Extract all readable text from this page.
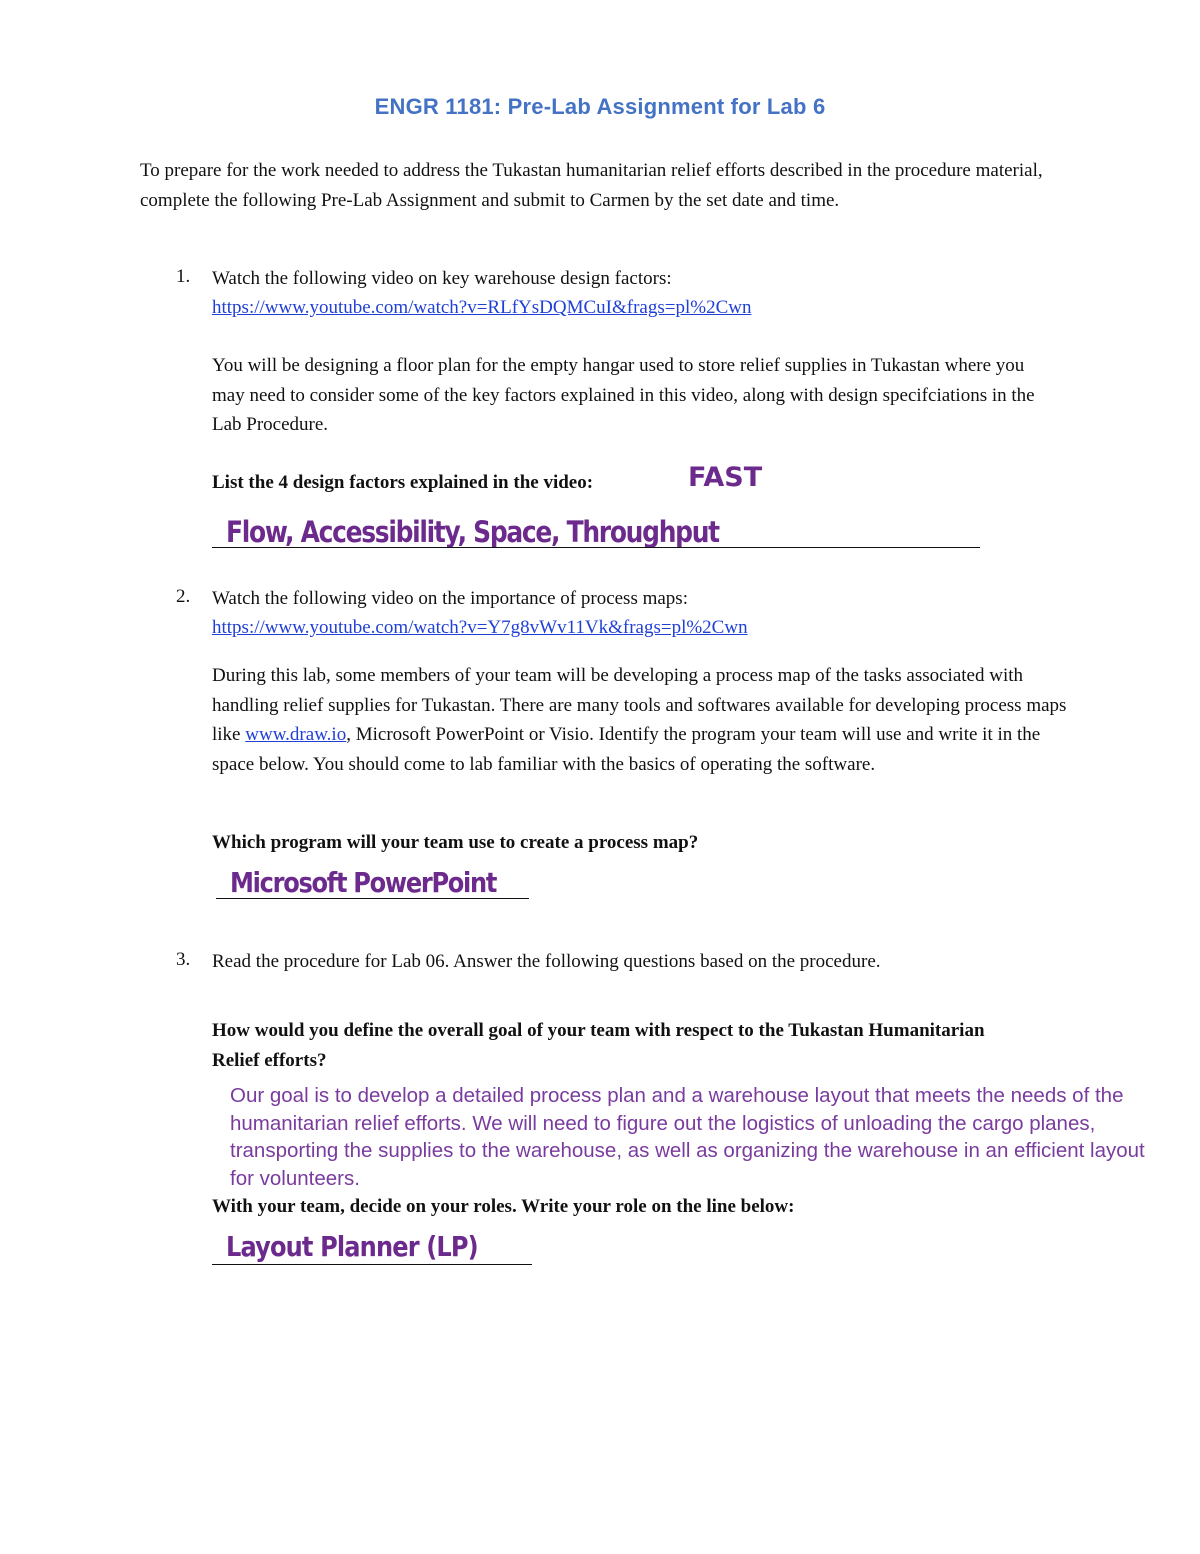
ENGR 1181: Pre-Lab Assignment for Lab 6
To prepare for the work needed to address the Tukastan humanitarian relief efforts described in the procedure material, complete the following Pre-Lab Assignment and submit to Carmen by the set date and time.
1. Watch the following video on key warehouse design factors:
https://www.youtube.com/watch?v=RLfYsDQMCuI&frags=pl%2Cwn
You will be designing a floor plan for the empty hangar used to store relief supplies in Tukastan where you may need to consider some of the key factors explained in this video, along with design specifciations in the Lab Procedure.
List the 4 design factors explained in the video:	FAST
Flow, Accessibility, Space, Throughput
2. Watch the following video on the importance of process maps:
https://www.youtube.com/watch?v=Y7g8vWv11Vk&frags=pl%2Cwn
During this lab, some members of your team will be developing a process map of the tasks associated with handling relief supplies for Tukastan. There are many tools and softwares available for developing process maps like www.draw.io, Microsoft PowerPoint or Visio. Identify the program your team will use and write it in the space below. You should come to lab familiar with the basics of operating the software.
Which program will your team use to create a process map?
Microsoft PowerPoint
3. Read the procedure for Lab 06. Answer the following questions based on the procedure.
How would you define the overall goal of your team with respect to the Tukastan Humanitarian Relief efforts?
Our goal is to develop a detailed process plan and a warehouse layout that meets the needs of the humanitarian relief efforts. We will need to figure out the logistics of unloading the cargo planes, transporting the supplies to the warehouse, as well as organizing the warehouse in an efficient layout for volunteers.
With your team, decide on your roles. Write your role on the line below:
Layout Planner (LP)
